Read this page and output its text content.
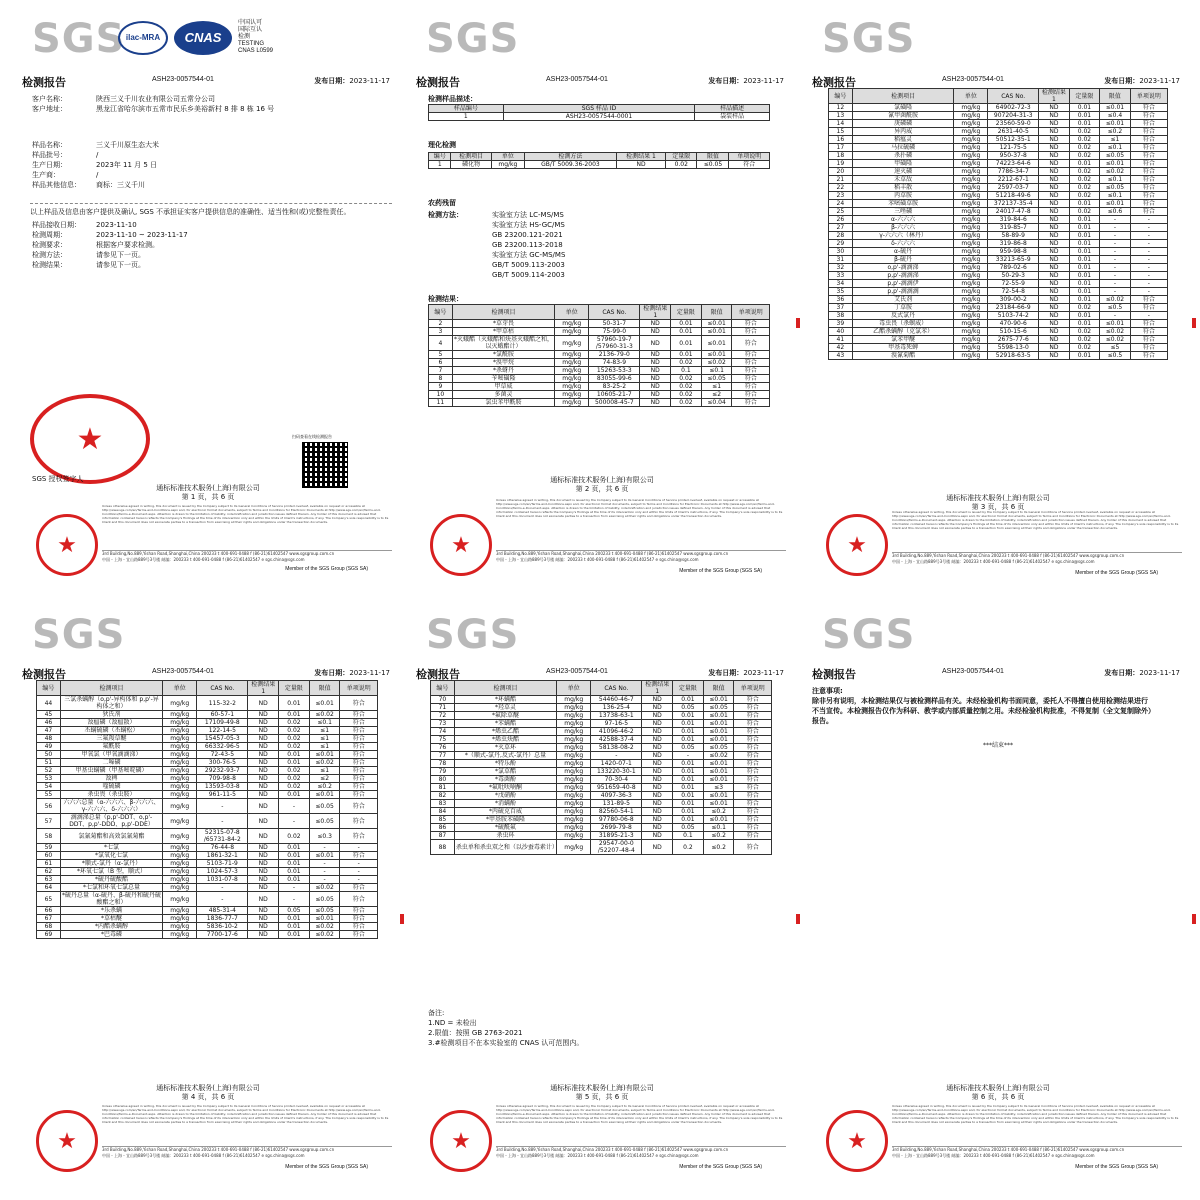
SGS ilac-MRA	CNAS
中国认可
国际互认
检测
TESTING
CNAS L0599
检测报告	ASH23-0057544-01	发布日期：2023-11-17
客户名称：	陕西三义千川农业有限公司五常分公司
客户地址：	黑龙江省哈尔滨市五常市民乐乡美裕新村 8 排 8 栋 16 号
样品名称：	三义千川原生态大米
样品批号：	/
生产日期：	2023年 11 月 5 日
生产商：	/
样品其他信息：	商标：三义千川
以上样品及信息由客户提供及确认, SGS 不承担证实客户提供信息的准确性、适当性和(或)完整性责任。
样品接收日期：	2023-11-10
检测周期：	2023-11-10 ~ 2023-11-17
检测要求：	根据客户要求检测。
检测方法：	请参见下一页。
检测结果：	请参见下一页。
★	扫码查看在线检测报告
SGS 授权签字人
通标标准技术服务(上海)有限公司
第 1 页，共 6 页
★
Unless otherwise agreed in writing, this document is issued by the Company subject to its General Conditions of Service printed overleaf, available on request or accessible at http://www.sgs.com/en/Terms-and-Conditions.aspx and, for electronic format documents, subject to Terms and Conditions for Electronic Documents at http://www.sgs.com/en/Terms-and-Conditions/Terms-e-Document.aspx. Attention is drawn to the limitation of liability, indemnification and jurisdiction issues defined therein. Any holder of this document is advised that information contained hereon reflects the Company's findings at the time of its intervention only and within the limits of Client's instructions, if any. The Company's sole responsibility is to its Client and this document does not exonerate parties to a transaction from exercising all their rights and obligations under the transaction documents.
3rd Building,No.889,Yishan Road,Shanghai,China 200233 t 400-691-0488 f (86-21)61402547 www.sgsgroup.com.cn
中国・上海・宜山路889号3号楼 邮编：200233 t 400-691-0488 f (86-21)61402547 e sgs.china@sgs.com
Member of the SGS Group (SGS SA)
SGS
检测报告	ASH23-0057544-01	发布日期：2023-11-17
检测样品描述：
样品编号	SGS 样品 ID	样品描述
1	ASH23-0057544-0001	袋装样品
理化检测
编号	检测项目	单位	检测方法	检测结果 1	定量限	限值	单项说明
1	磷化物	mg/kg	GB/T 5009.36-2003	ND	0.02	≤0.05	符合
农药残留
检测方法：	实验室方法 LC-MS/MS
实验室方法 HS-GC/MS
GB 23200.121-2021
GB 23200.113-2018
实验室方法 GC-MS/MS
GB/T 5009.113-2003
GB/T 5009.114-2003
检测结果：
编号	检测项目	单位	CAS No.	检测结果 1	定量限	限值	单项说明
2	*草芽畏	mg/kg	50-31-7	ND	0.01	≤0.01	符合
3	*甲草枯	mg/kg	75-99-0	ND	0.01	≤0.01	符合
4	*灭蛾酯（灭蛾酯和炔基灭蛾酯之和，以灭蛾酯计）	mg/kg	57960-19-7 /57960-31-3	ND	0.01	≤0.01	符合
5	*氯酰胺	mg/kg	2136-79-0	ND	0.01	≤0.01	符合
6	*溴甲烷	mg/kg	74-83-9	ND	0.02	≤0.02	符合
7	*杀蚜丹	mg/kg	15263-53-3	ND	0.1	≤0.1	符合
8	苄嘧磺隆	mg/kg	83055-99-6	ND	0.02	≤0.05	符合
9	甲草威	mg/kg	83-25-2	ND	0.02	≤1	符合
10	多菌灵	mg/kg	10605-21-7	ND	0.02	≤2	符合
11	氯虫苯甲酰胺	mg/kg	500008-45-7	ND	0.02	≤0.04	符合
通标标准技术服务(上海)有限公司
第 2 页，共 6 页
★
Unless otherwise agreed in writing, this document is issued by the Company subject to its General Conditions of Service printed overleaf, available on request or accessible at http://www.sgs.com/en/Terms-and-Conditions.aspx and, for electronic format documents, subject to Terms and Conditions for Electronic Documents at http://www.sgs.com/en/Terms-and-Conditions/Terms-e-Document.aspx. Attention is drawn to the limitation of liability, indemnification and jurisdiction issues defined therein. Any holder of this document is advised that information contained hereon reflects the Company's findings at the time of its intervention only and within the limits of Client's instructions, if any. The Company's sole responsibility is to its Client and this document does not exonerate parties to a transaction from exercising all their rights and obligations under the transaction documents.
3rd Building,No.889,Yishan Road,Shanghai,China 200233 t 400-691-0488 f (86-21)61402547 www.sgsgroup.com.cn
中国・上海・宜山路889号3号楼 邮编：200233 t 400-691-0488 f (86-21)61402547 e sgs.china@sgs.com
Member of the SGS Group (SGS SA)
SGS
检测报告	ASH23-0057544-01	发布日期：2023-11-17
编号	检测项目	单位	CAS No.	检测结果 1	定量限	限值	单项说明
12	氯磺隆	mg/kg	64902-72-3	ND	0.01	≤0.01	符合
13	氰甲菌酰胺	mg/kg	907204-31-3	ND	0.01	≤0.4	符合
14	庚磷磷	mg/kg	23560-59-0	ND	0.01	≤0.01	符合
15	异丙威	mg/kg	2631-40-5	ND	0.02	≤0.2	符合
16	稻瘟灵	mg/kg	50512-35-1	ND	0.02	≤1	符合
17	马拉硫磷	mg/kg	121-75-5	ND	0.02	≤0.1	符合
18	杀扑磷	mg/kg	950-37-8	ND	0.02	≤0.05	符合
19	甲磺隆	mg/kg	74223-64-6	ND	0.01	≤0.01	符合
20	速灭磷	mg/kg	7786-34-7	ND	0.02	≤0.02	符合
21	禾草敌	mg/kg	2212-67-1	ND	0.02	≤0.1	符合
22	稻丰散	mg/kg	2597-03-7	ND	0.02	≤0.05	符合
23	丙草胺	mg/kg	51218-49-6	ND	0.02	≤0.1	符合
24	苯嘧磺草胺	mg/kg	372137-35-4	ND	0.01	≤0.01	符合
25	三唑磷	mg/kg	24017-47-8	ND	0.02	≤0.6	符合
26	α-六六六	mg/kg	319-84-6	ND	0.01	-	-
27	β-六六六	mg/kg	319-85-7	ND	0.01	-	-
28	γ-六六六（林丹）	mg/kg	58-89-9	ND	0.01	-	-
29	δ-六六六	mg/kg	319-86-8	ND	0.01	-	-
30	α-硫丹	mg/kg	959-98-8	ND	0.01	-	-
31	β-硫丹	mg/kg	33213-65-9	ND	0.01	-	-
32	o,p'-滴滴涕	mg/kg	789-02-6	ND	0.01	-	-
33	p,p'-滴滴涕	mg/kg	50-29-3	ND	0.01	-	-
34	p,p'-滴滴伊	mg/kg	72-55-9	ND	0.01	-	-
35	p,p'-滴滴滴	mg/kg	72-54-8	ND	0.01	-	-
36	艾氏剂	mg/kg	309-00-2	ND	0.01	≤0.02	符合
37	丁草胺	mg/kg	23184-66-9	ND	0.02	≤0.5	符合
38	反式氯丹	mg/kg	5103-74-2	ND	0.01	-	-
39	毒虫畏（杀螟威）	mg/kg	470-90-6	ND	0.01	≤0.01	符合
40	乙酯杀螨醇（克氯苯）	mg/kg	510-15-6	ND	0.02	≤0.02	符合
41	氯苯甲醚	mg/kg	2675-77-6	ND	0.02	≤0.02	符合
42	甲基毒死蜱	mg/kg	5598-13-0	ND	0.02	≤5	符合
43	溴氰菊酯	mg/kg	52918-63-5	ND	0.01	≤0.5	符合
通标标准技术服务(上海)有限公司
第 3 页，共 6 页
★
Unless otherwise agreed in writing, this document is issued by the Company subject to its General Conditions of Service printed overleaf, available on request or accessible at http://www.sgs.com/en/Terms-and-Conditions.aspx and, for electronic format documents, subject to Terms and Conditions for Electronic Documents at http://www.sgs.com/en/Terms-and-Conditions/Terms-e-Document.aspx. Attention is drawn to the limitation of liability, indemnification and jurisdiction issues defined therein. Any holder of this document is advised that information contained hereon reflects the Company's findings at the time of its intervention only and within the limits of Client's instructions, if any. The Company's sole responsibility is to its Client and this document does not exonerate parties to a transaction from exercising all their rights and obligations under the transaction documents.
3rd Building,No.889,Yishan Road,Shanghai,China 200233 t 400-691-0488 f (86-21)61402547 www.sgsgroup.com.cn
中国・上海・宜山路889号3号楼 邮编：200233 t 400-691-0488 f (86-21)61402547 e sgs.china@sgs.com
Member of the SGS Group (SGS SA)
SGS
检测报告	ASH23-0057544-01	发布日期：2023-11-17
编号	检测项目	单位	CAS No.	检测结果 1	定量限	限值	单项说明
44	三氯杀螨醇（o,p'-异构体和 p,p'-异构体之和）	mg/kg	115-32-2	ND	0.01	≤0.01	符合
45	狄氏剂	mg/kg	60-57-1	ND	0.01	≤0.02	符合
46	敌瘟磷（敌瘟散）	mg/kg	17109-49-8	ND	0.02	≤0.1	符合
47	丕螨硫磷（丕螨松）	mg/kg	122-14-5	ND	0.02	≤1	符合
48	三氟羧草醚	mg/kg	15457-05-3	ND	0.02	≤1	符合
49	氟酰胺	mg/kg	66332-96-5	ND	0.02	≤1	符合
50	甲氧氯（甲氧滴滴涕）	mg/kg	72-43-5	ND	0.01	≤0.01	符合
51	二嗪磷	mg/kg	300-76-5	ND	0.01	≤0.02	符合
52	甲基虫螨磷（甲基嘧啶磷）	mg/kg	29232-93-7	ND	0.02	≤1	符合
53	敌稗	mg/kg	709-98-8	ND	0.02	≤2	符合
54	喹硫磷	mg/kg	13593-03-8	ND	0.02	≤0.2	符合
55	杀虫畏（杀虫胺）	mg/kg	961-11-5	ND	0.01	≤0.01	符合
56	六六六总量（α-六六六、β-六六六、γ-六六六、δ-六六六）	mg/kg	-	ND	-	≤0.05	符合
57	滴滴涕总量（p,p'-DDT、o,p'-DDT、p,p'-DDD、p,p'-DDE）	mg/kg	-	ND	-	≤0.05	符合
58	氯氰菊酯和高效氯氰菊酯	mg/kg	52315-07-8 /65731-84-2	ND	0.02	≤0.3	符合
59	*七氯	mg/kg	76-44-8	ND	0.01	-	-
60	*氯氧化七氯	mg/kg	1861-32-1	ND	0.01	≤0.01	符合
61	*顺式-氯丹（α-氯丹）	mg/kg	5103-71-9	ND	0.01	-	-
62	*环氧七氯（B 型，顺式）	mg/kg	1024-57-3	ND	0.01	-	-
63	*硫丹硫酸酯	mg/kg	1031-07-8	ND	0.01	-	-
64	*七氯和环氧七氯总量	mg/kg	-	ND	-	≤0.02	符合
65	*硫丹总量（α-硫丹、β-硫丹和硫丹硫酸酯之和）	mg/kg	-	ND	-	≤0.05	符合
66	*乐杀螨	mg/kg	485-31-4	ND	0.05	≤0.05	符合
67	*草枯醚	mg/kg	1836-77-7	ND	0.01	≤0.01	符合
68	*内酯杀螨醇	mg/kg	5836-10-2	ND	0.01	≤0.02	符合
69	*巴毒磷	mg/kg	7700-17-6	ND	0.01	≤0.02	符合
通标标准技术服务(上海)有限公司
第 4 页，共 6 页
★
Unless otherwise agreed in writing, this document is issued by the Company subject to its General Conditions of Service printed overleaf, available on request or accessible at http://www.sgs.com/en/Terms-and-Conditions.aspx and, for electronic format documents, subject to Terms and Conditions for Electronic Documents at http://www.sgs.com/en/Terms-and-Conditions/Terms-e-Document.aspx. Attention is drawn to the limitation of liability, indemnification and jurisdiction issues defined therein. Any holder of this document is advised that information contained hereon reflects the Company's findings at the time of its intervention only and within the limits of Client's instructions, if any. The Company's sole responsibility is to its Client and this document does not exonerate parties to a transaction from exercising all their rights and obligations under the transaction documents.
3rd Building,No.889,Yishan Road,Shanghai,China 200233 t 400-691-0488 f (86-21)61402547 www.sgsgroup.com.cn
中国・上海・宜山路889号3号楼 邮编：200233 t 400-691-0488 f (86-21)61402547 e sgs.china@sgs.com
Member of the SGS Group (SGS SA)
SGS
检测报告	ASH23-0057544-01	发布日期：2023-11-17
编号	检测项目	单位	CAS No.	检测结果 1	定量限	限值	单项说明
70	*环螨酯	mg/kg	54460-46-7	ND	0.01	≤0.01	符合
71	*羟草灵	mg/kg	136-25-4	ND	0.05	≤0.05	符合
72	*氟除草醚	mg/kg	13738-63-1	ND	0.01	≤0.01	符合
73	*苯螨酯	mg/kg	97-16-5	ND	0.01	≤0.01	符合
74	*烯虫乙酯	mg/kg	41096-46-2	ND	0.01	≤0.01	符合
75	*烯虫炔酯	mg/kg	42588-37-4	ND	0.01	≤0.01	符合
76	*灭草环	mg/kg	58138-08-2	ND	0.05	≤0.05	符合
77	*（顺式-氯丹,反式-氯丹）总量	mg/kg	-	ND	-	≤0.02	符合
78	*特乐酚	mg/kg	1420-07-1	ND	0.01	≤0.01	符合
79	*氯草酯	mg/kg	133220-30-1	ND	0.01	≤0.01	符合
80	*毒菌酚	mg/kg	70-30-4	ND	0.01	≤0.01	符合
81	*氟吡呋喃酮	mg/kg	951659-40-8	ND	0.01	≤3	符合
82	*戊硝酚	mg/kg	4097-36-3	ND	0.01	≤0.01	符合
83	*消螨酚	mg/kg	131-89-5	ND	0.01	≤0.01	符合
84	*丙硫克百威	mg/kg	82560-54-1	ND	0.01	≤0.2	符合
85	*甲基胺苯磺隆	mg/kg	97780-06-8	ND	0.01	≤0.01	符合
86	*硫酰氟	mg/kg	2699-79-8	ND	0.05	≤0.1	符合
87	杀虫环	mg/kg	31895-21-3	ND	0.1	≤0.2	符合
88	杀虫单和杀虫双之和（以沙蚕毒素计）	mg/kg	29547-00-0 /52207-48-4	ND	0.2	≤0.2	符合
备注:
1.ND = 未检出
2.限值：按照 GB 2763-2021
3.#检测项目不在本实验室的 CNAS 认可范围内。
通标标准技术服务(上海)有限公司
第 5 页，共 6 页
★
Unless otherwise agreed in writing, this document is issued by the Company subject to its General Conditions of Service printed overleaf, available on request or accessible at http://www.sgs.com/en/Terms-and-Conditions.aspx and, for electronic format documents, subject to Terms and Conditions for Electronic Documents at http://www.sgs.com/en/Terms-and-Conditions/Terms-e-Document.aspx. Attention is drawn to the limitation of liability, indemnification and jurisdiction issues defined therein. Any holder of this document is advised that information contained hereon reflects the Company's findings at the time of its intervention only and within the limits of Client's instructions, if any. The Company's sole responsibility is to its Client and this document does not exonerate parties to a transaction from exercising all their rights and obligations under the transaction documents.
3rd Building,No.889,Yishan Road,Shanghai,China 200233 t 400-691-0488 f (86-21)61402547 www.sgsgroup.com.cn
中国・上海・宜山路889号3号楼 邮编：200233 t 400-691-0488 f (86-21)61402547 e sgs.china@sgs.com
Member of the SGS Group (SGS SA)
SGS
检测报告	ASH23-0057544-01	发布日期：2023-11-17
注意事项:
除非另有说明，本检测结果仅与被检测样品有关。未经检验机构书面同意，委托人不得擅自使用检测结果进行不当宣传。本检测报告仅作为科研、教学或内部质量控制之用。未经检验机构批准，不得复制（全文复制除外）报告。
***结束***
通标标准技术服务(上海)有限公司
第 6 页，共 6 页
★
Unless otherwise agreed in writing, this document is issued by the Company subject to its General Conditions of Service printed overleaf, available on request or accessible at http://www.sgs.com/en/Terms-and-Conditions.aspx and, for electronic format documents, subject to Terms and Conditions for Electronic Documents at http://www.sgs.com/en/Terms-and-Conditions/Terms-e-Document.aspx. Attention is drawn to the limitation of liability, indemnification and jurisdiction issues defined therein. Any holder of this document is advised that information contained hereon reflects the Company's findings at the time of its intervention only and within the limits of Client's instructions, if any. The Company's sole responsibility is to its Client and this document does not exonerate parties to a transaction from exercising all their rights and obligations under the transaction documents.
3rd Building,No.889,Yishan Road,Shanghai,China 200233 t 400-691-0488 f (86-21)61402547 www.sgsgroup.com.cn
中国・上海・宜山路889号3号楼 邮编：200233 t 400-691-0488 f (86-21)61402547 e sgs.china@sgs.com
Member of the SGS Group (SGS SA)
